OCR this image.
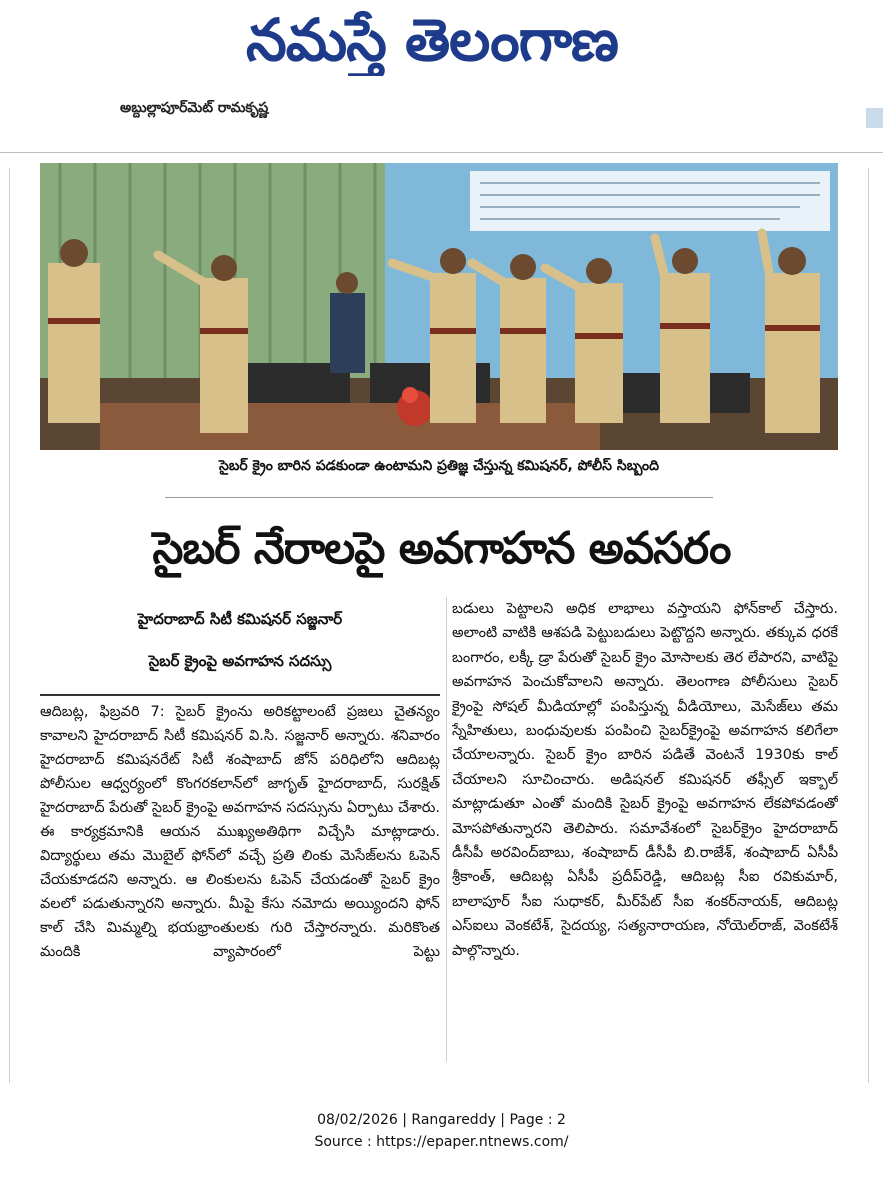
నమస్తే తెలంగాణ
అబ్దుల్లాపూర్‌మెట్ రామకృష్ణ
సైబర్ క్రైం బారిన పడకుండా ఉంటామని ప్రతిజ్ఞ చేస్తున్న కమిషనర్, పోలీస్ సిబ్బంది
సైబర్ నేరాలపై అవగాహన అవసరం
హైదరాబాద్ సిటీ కమిషనర్ సజ్జనార్
సైబర్ క్రైంపై అవగాహన సదస్సు

ఆదిబట్ల, ఫిబ్రవరి 7: సైబర్ క్రైంను అరికట్టాలంటే ప్రజలు చైతన్యం కావాలని హైదరాబాద్ సిటీ కమిషనర్ వి.సి. సజ్జనార్ అన్నారు. శనివారం హైదరాబాద్ కమిషనరేట్ సిటీ శంషాబాద్ జోన్ పరిధిలోని ఆదిబట్ల పోలీసుల ఆధ్వర్యంలో కొంగరకలాన్‌లో జాగృత్ హైదరాబాద్, సురక్షిత్ హైదరాబాద్ పేరుతో సైబర్ క్రైంపై అవగాహన సదస్సును ఏర్పాటు చేశారు. ఈ కార్యక్రమానికి ఆయన ముఖ్యఅతిథిగా విచ్చేసి మాట్లాడారు. విద్యార్థులు తమ మొబైల్ ఫోన్‌లో వచ్చే ప్రతి లింకు మెసేజ్‌లను ఓపెన్ చేయకూడదని అన్నారు. ఆ లింకులను ఓపెన్ చేయడంతో సైబర్ క్రైం వలలో పడుతున్నారని అన్నారు. మీపై కేసు నమోదు అయ్యిందని ఫోన్ కాల్ చేసి మిమ్మల్ని భయభ్రాంతులకు గురి చేస్తారన్నారు. మరికొంత మందికి వ్యాపారంలో పెట్టు

బడులు పెట్టాలని అధిక లాభాలు వస్తాయని ఫోన్‌కాల్ చేస్తారు. అలాంటి వాటికి ఆశపడి పెట్టుబడులు పెట్టొద్దని అన్నారు. తక్కువ ధరకే బంగారం, లక్కీ డ్రా పేరుతో సైబర్ క్రైం మోసాలకు తెర లేపారని, వాటిపై అవగాహన పెంచుకోవాలని అన్నారు. తెలంగాణ పోలీసులు సైబర్ క్రైంపై సోషల్ మీడియాల్లో పంపిస్తున్న వీడియోలు, మెసేజ్‌లు తమ స్నేహితులు, బంధువులకు పంపించి సైబర్‌క్రైంపై అవగాహన కలిగేలా చేయాలన్నారు. సైబర్ క్రైం బారిన పడితే వెంటనే 1930కు కాల్ చేయాలని సూచించారు. అడిషనల్ కమిషనర్ తఫ్సీల్ ఇక్బాల్ మాట్లాడుతూ ఎంతో మందికి సైబర్ క్రైంపై అవగాహన లేకపోవడంతో మోసపోతున్నారని తెలిపారు. సమావేశంలో సైబర్‌క్రైం హైదరాబాద్ డీసీపీ అరవింద్‌బాబు, శంషాబాద్ డీసీపీ బి.రాజేశ్, శంషాబాద్ ఏసీపీ శ్రీకాంత్, ఆదిబట్ల ఏసీపీ ప్రదీప్‌రెడ్డి, ఆదిబట్ల సీఐ రవికుమార్, బాలాపూర్ సీఐ సుధాకర్, మీర్‌పేట్ సీఐ శంకర్‌నాయక్, ఆదిబట్ల ఎస్‌ఐలు వెంకటేశ్, సైదయ్య, సత్యనారాయణ, నోయెల్‌రాజ్, వెంకటేశ్ పాల్గొన్నారు.

08/02/2026 | Rangareddy | Page : 2
Source : https://epaper.ntnews.com/
